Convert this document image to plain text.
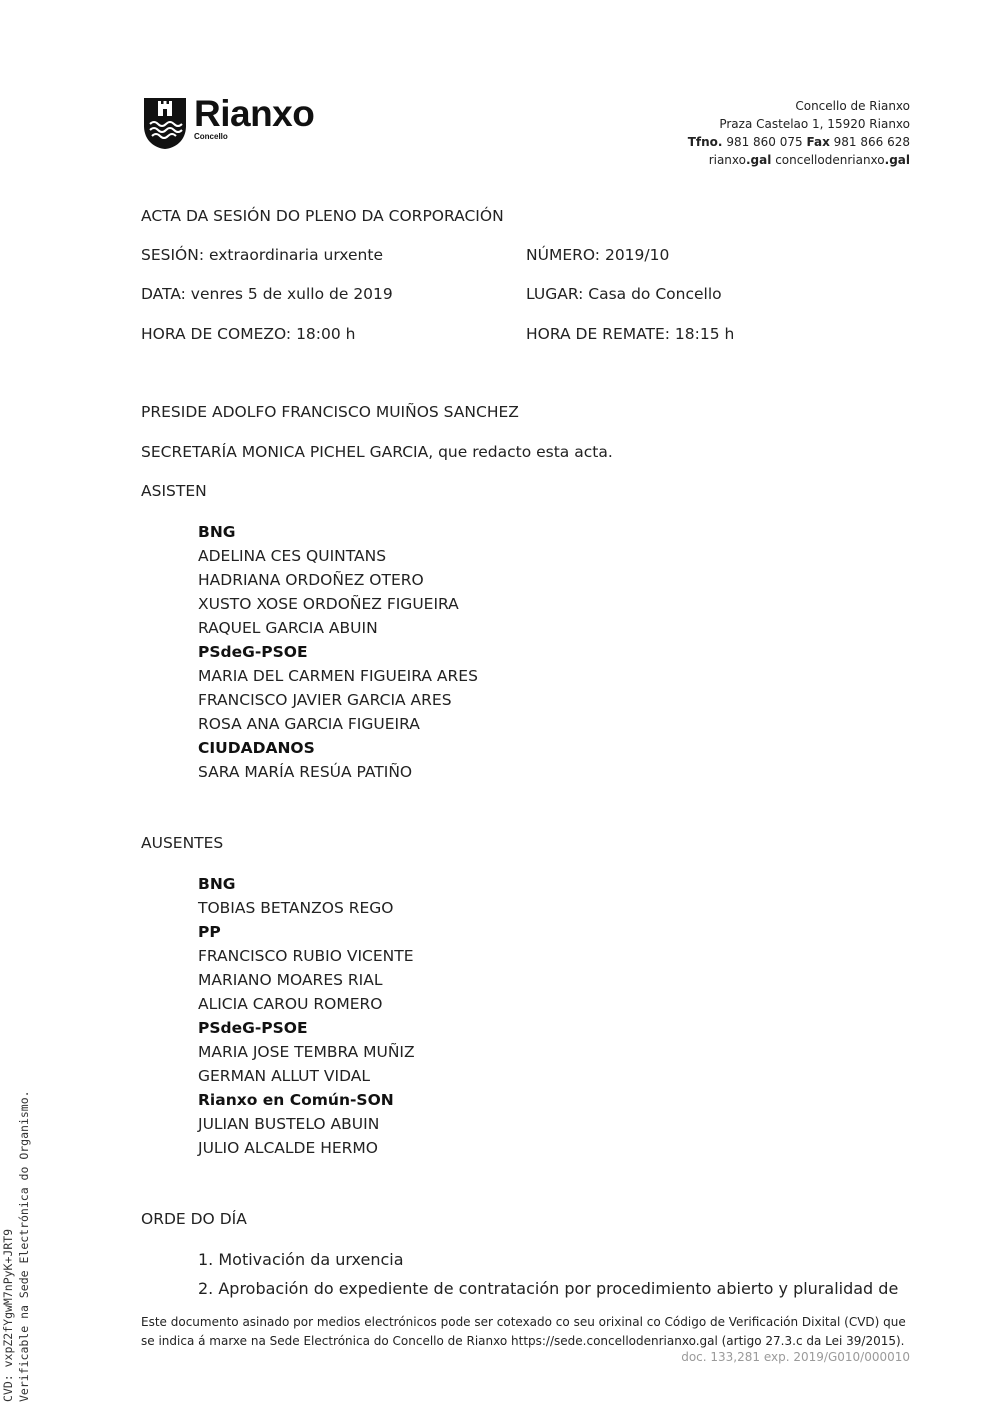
Rianxo
Concello
Concello de Rianxo
Praza Castelao 1, 15920 Rianxo
Tfno. 981 860 075 Fax 981 866 628
rianxo.gal concellodenrianxo.gal
ACTA DA SESIÓN DO PLENO DA CORPORACIÓN
SESIÓN: extraordinaria urxente	NÚMERO: 2019/10
DATA: venres 5 de xullo de 2019	LUGAR: Casa do Concello
HORA DE COMEZO: 18:00 h	HORA DE REMATE: 18:15 h
PRESIDE ADOLFO FRANCISCO MUIÑOS SANCHEZ
SECRETARÍA MONICA PICHEL GARCIA, que redacto esta acta.
ASISTEN
BNG
ADELINA CES QUINTANS
HADRIANA ORDOÑEZ OTERO
XUSTO XOSE ORDOÑEZ FIGUEIRA
RAQUEL GARCIA ABUIN
PSdeG-PSOE
MARIA DEL CARMEN FIGUEIRA ARES
FRANCISCO JAVIER GARCIA ARES
ROSA ANA GARCIA FIGUEIRA
CIUDADANOS
SARA MARÍA RESÚA PATIÑO
AUSENTES
BNG
TOBIAS BETANZOS REGO
PP
FRANCISCO RUBIO VICENTE
MARIANO MOARES RIAL
ALICIA CAROU ROMERO
PSdeG-PSOE
MARIA JOSE TEMBRA MUÑIZ
GERMAN ALLUT VIDAL
Rianxo en Común-SON
JULIAN BUSTELO ABUIN
JULIO ALCALDE HERMO
ORDE DO DÍA
1. Motivación da urxencia
2. Aprobación do expediente de contratación por procedimiento abierto y pluralidad de
Este documento asinado por medios electrónicos pode ser cotexado co seu orixinal co Código de Verificación Dixital (CVD) que
se indica á marxe na Sede Electrónica do Concello de Rianxo https://sede.concellodenrianxo.gal (artigo 27.3.c da Lei 39/2015).
doc. 133,281 exp. 2019/G010/000010
CVD: vxpZ2fYgwM7nPyK+JRT9 Verificable na Sede Electrónica do Organismo.
